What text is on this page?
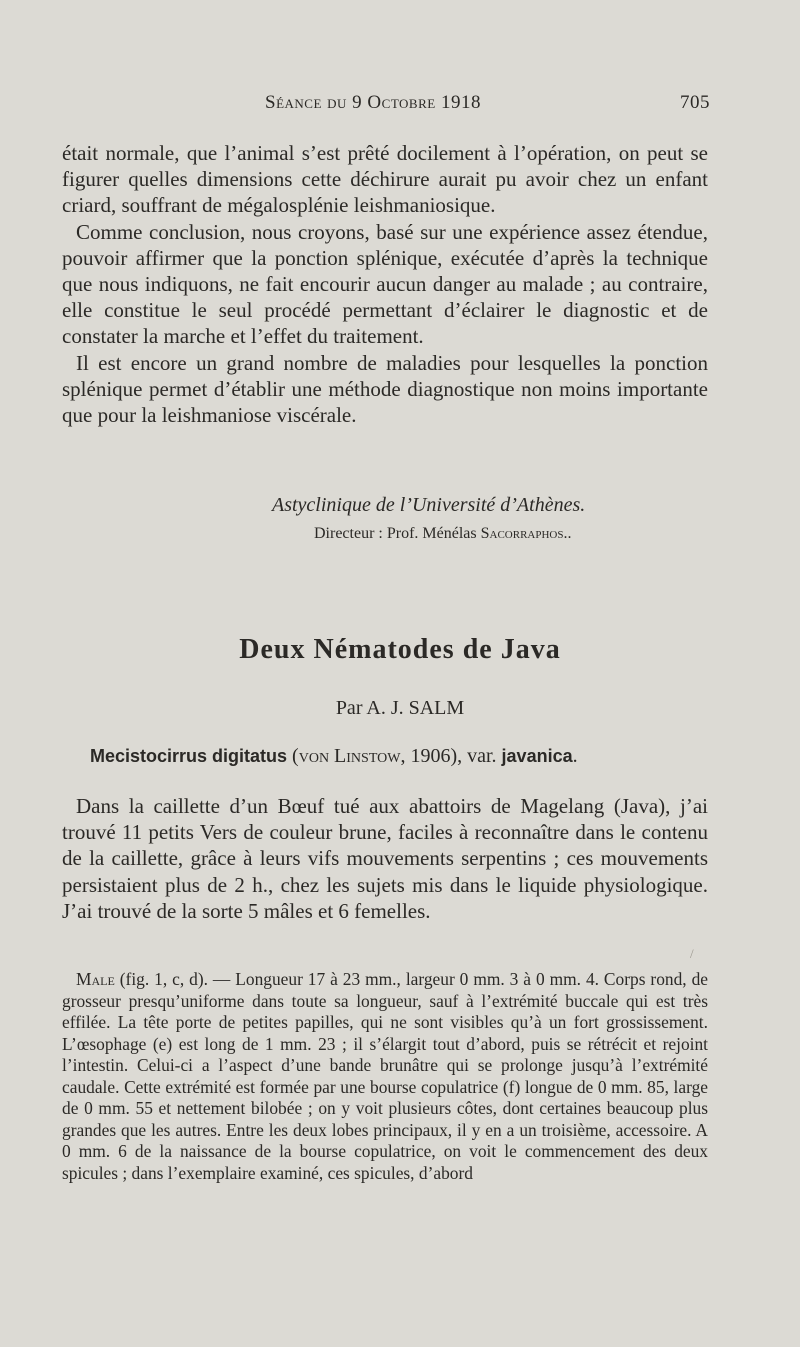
Séance du 9 Octobre 1918	705

était normale, que l’animal s’est prêté docilement à l’opération, on peut se figurer quelles dimensions cette déchirure aurait pu avoir chez un enfant criard, souffrant de mégalosplénie leishmaniosique.

Comme conclusion, nous croyons, basé sur une expérience assez étendue, pouvoir affirmer que la ponction splénique, exécutée d’après la technique que nous indiquons, ne fait encourir aucun danger au malade ; au contraire, elle constitue le seul procédé permettant d’éclairer le diagnostic et de constater la marche et l’effet du traitement.

Il est encore un grand nombre de maladies pour lesquelles la ponction splénique permet d’établir une méthode diagnostique non moins importante que pour la leishmaniose viscérale.

Astyclinique de l’Université d’Athènes.
Directeur : Prof. Ménélas Sacorraphos..
Deux Nématodes de Java
Par A. J. SALM
Mecistocirrus digitatus (von Linstow, 1906), var. javanica.

Dans la caillette d’un Bœuf tué aux abattoirs de Magelang (Java), j’ai trouvé 11 petits Vers de couleur brune, faciles à reconnaître dans le contenu de la caillette, grâce à leurs vifs mouvements serpentins ; ces mouvements persistaient plus de 2 h., chez les sujets mis dans le liquide physiologique. J’ai trouvé de la sorte 5 mâles et 6 femelles.

/

Male (fig. 1, c, d). — Longueur 17 à 23 mm., largeur 0 mm. 3 à 0 mm. 4. Corps rond, de grosseur presqu’uniforme dans toute sa longueur, sauf à l’extrémité buccale qui est très effilée. La tête porte de petites papilles, qui ne sont visibles qu’à un fort grossissement. L’œsophage (e) est long de 1 mm. 23 ; il s’élargit tout d’abord, puis se rétrécit et rejoint l’intestin. Celui-ci a l’aspect d’une bande brunâtre qui se prolonge jusqu’à l’extrémité caudale. Cette extrémité est formée par une bourse copulatrice (f) longue de 0 mm. 85, large de 0 mm. 55 et nettement bilobée ; on y voit plusieurs côtes, dont certaines beaucoup plus grandes que les autres. Entre les deux lobes principaux, il y en a un troisième, accessoire. A 0 mm. 6 de la naissance de la bourse copulatrice, on voit le commencement des deux spicules ; dans l’exemplaire examiné, ces spicules, d’abord
